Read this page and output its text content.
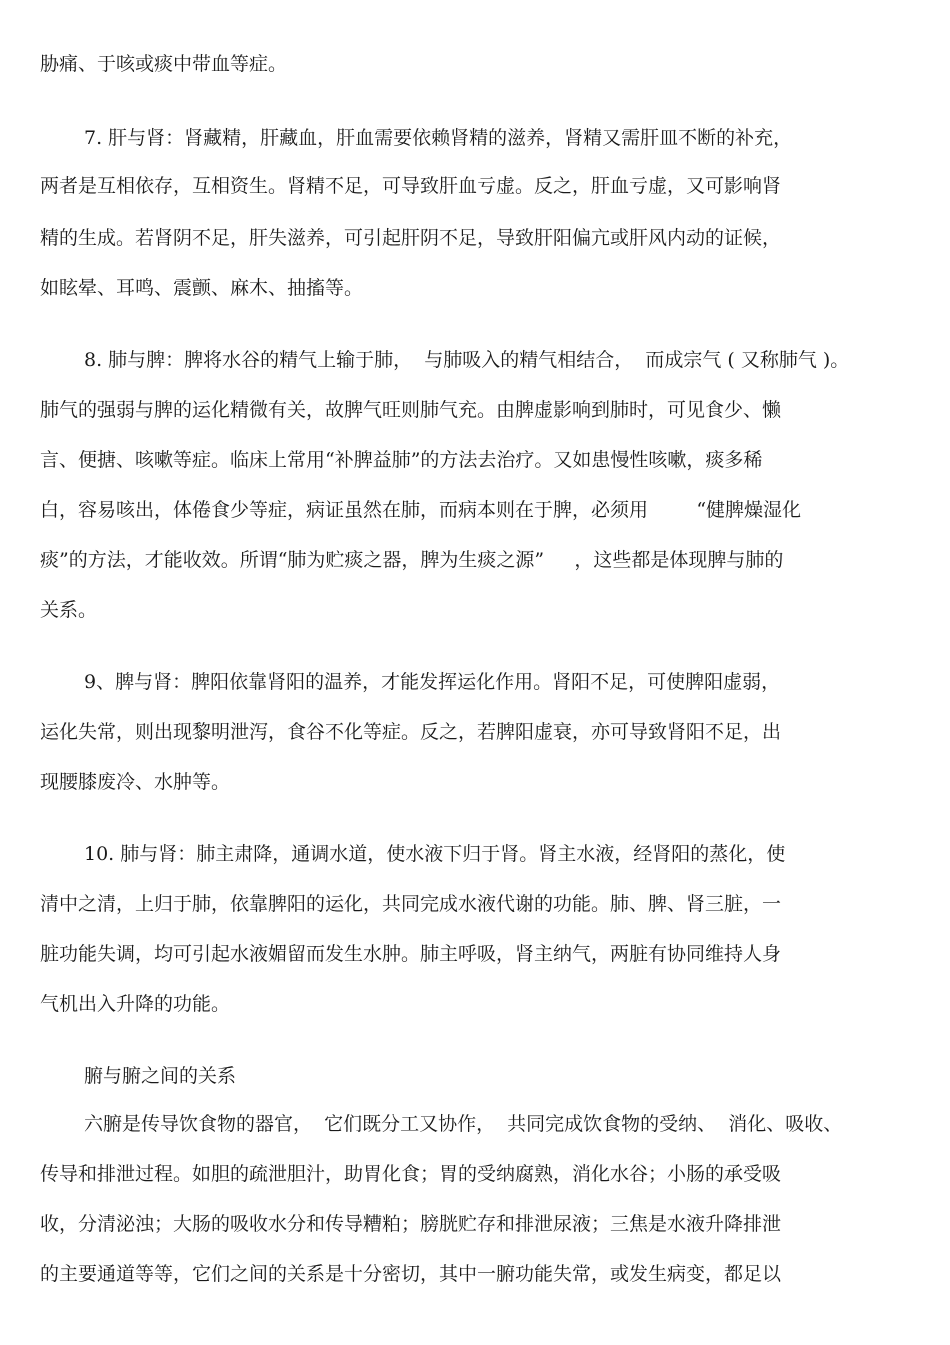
胁痛、于咳或痰中带血等症。
7. 肝与肾：肾藏精，肝藏血，肝血需要依赖肾精的滋养，肾精又需肝皿不断的补充，
两者是互相依存，互相资生。肾精不足，可导致肝血亏虚。反之，肝血亏虚，又可影响肾
精的生成。若肾阴不足，肝失滋养，可引起肝阴不足，导致肝阳偏亢或肝风内动的证候，
如眩晕、耳鸣、震颤、麻木、抽搐等。
8. 肺与脾：脾将水谷的精气上输于肺，  与肺吸入的精气相结合，  而成宗气 ( 又称肺气 )。
肺气的强弱与脾的运化精微有关，故脾气旺则肺气充。由脾虚影响到肺时，可见食少、懒
言、便搪、咳嗽等症。临床上常用“补脾益肺”的方法去治疗。又如患慢性咳嗽，痰多稀
白，容易咳出，体倦食少等症，病证虽然在肺，而病本则在于脾，必须用        “健脾燥湿化
痰”的方法，才能收效。所谓“肺为贮痰之器，脾为生痰之源”     ，这些都是体现脾与肺的
关系。
9、脾与肾：脾阳依靠肾阳的温养，才能发挥运化作用。肾阳不足，可使脾阳虚弱，
运化失常，则出现黎明泄泻，食谷不化等症。反之，若脾阳虚衰，亦可导致肾阳不足，出
现腰膝废冷、水肿等。
10. 肺与肾：肺主肃降，通调水道，使水液下归于肾。肾主水液，经肾阳的蒸化，使
清中之清，上归于肺，依靠脾阳的运化，共同完成水液代谢的功能。肺、脾、肾三脏，一
脏功能失调，均可引起水液媚留而发生水肿。肺主呼吸，肾主纳气，两脏有协同维持人身
气机出入升降的功能。
腑与腑之间的关系
六腑是传导饮食物的器官，  它们既分工又协作，  共同完成饮食物的受纳、  消化、吸收、
传导和排泄过程。如胆的疏泄胆汁，助胃化食；胃的受纳腐熟，消化水谷；小肠的承受吸
收，分清泌浊；大肠的吸收水分和传导糟粕；膀胱贮存和排泄尿液；三焦是水液升降排泄
的主要通道等等，它们之间的关系是十分密切，其中一腑功能失常，或发生病变，都足以
